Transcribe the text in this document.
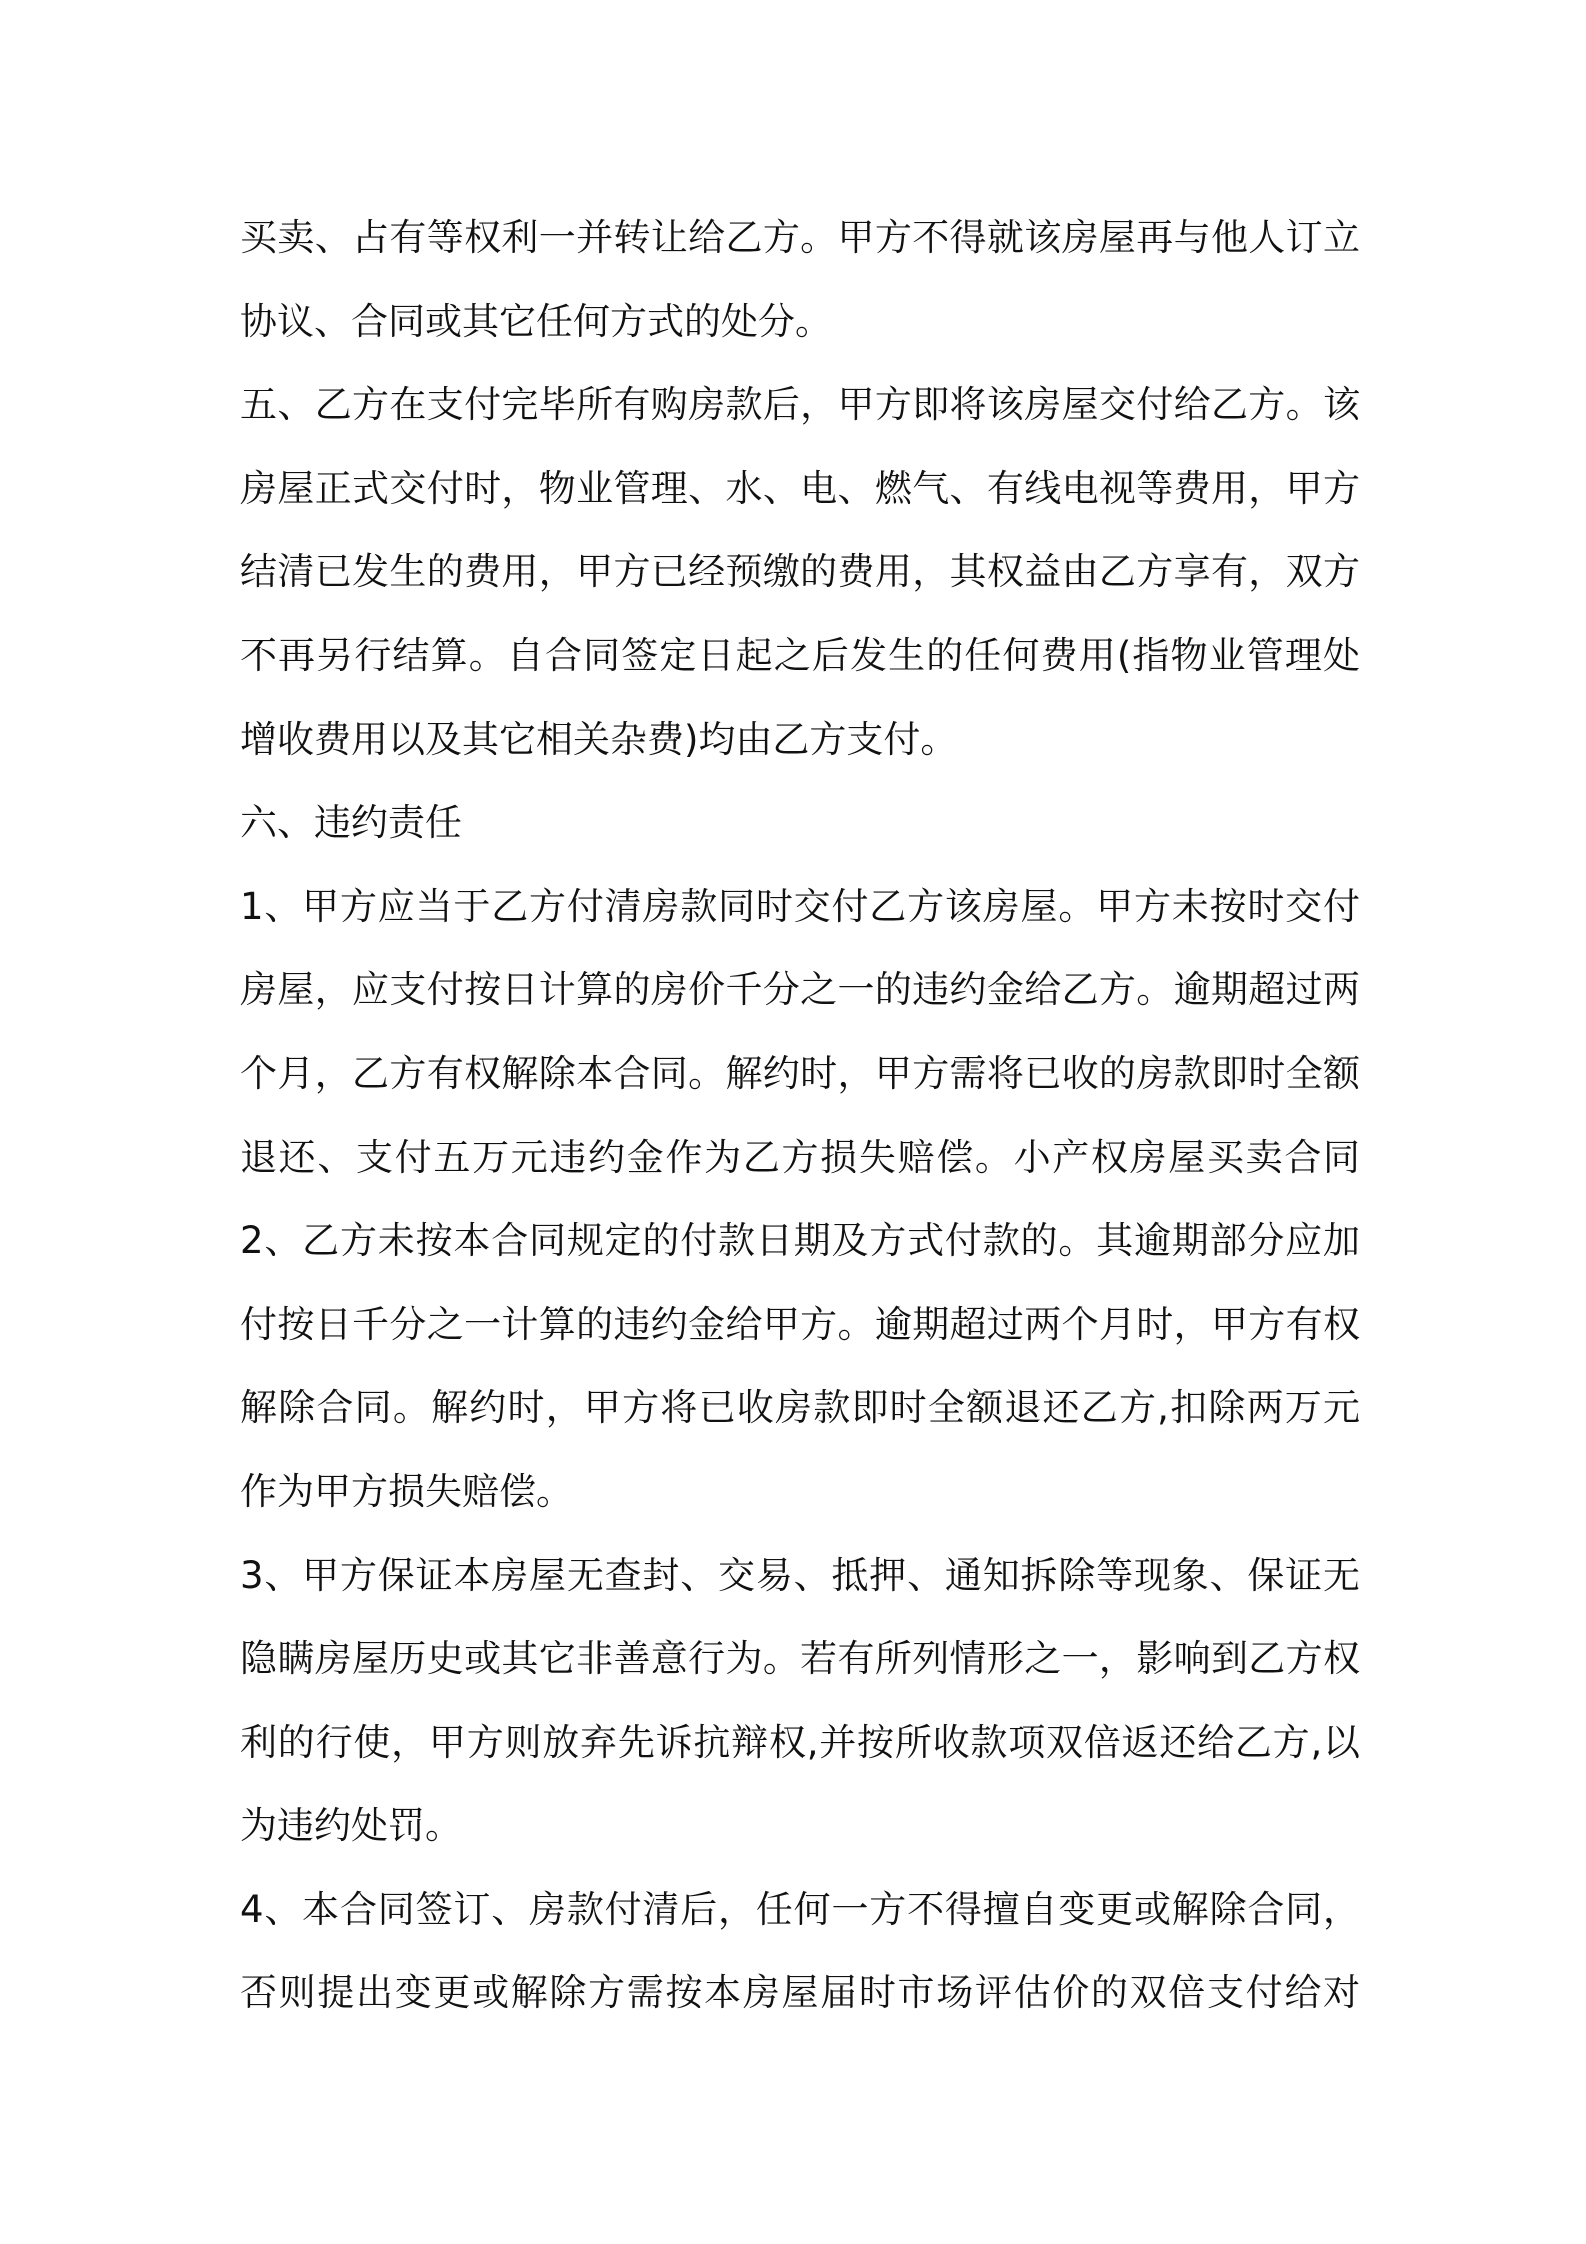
买卖、占有等权利一并转让给乙方。甲方不得就该房屋再与他人订立
协议、合同或其它任何方式的处分。
五、乙方在支付完毕所有购房款后，甲方即将该房屋交付给乙方。该
房屋正式交付时，物业管理、水、电、燃气、有线电视等费用，甲方
结清已发生的费用，甲方已经预缴的费用，其权益由乙方享有，双方
不再另行结算。自合同签定日起之后发生的任何费用(指物业管理处
增收费用以及其它相关杂费)均由乙方支付。
六、违约责任
1、甲方应当于乙方付清房款同时交付乙方该房屋。甲方未按时交付
房屋，应支付按日计算的房价千分之一的违约金给乙方。逾期超过两
个月，乙方有权解除本合同。解约时，甲方需将已收的房款即时全额
退还、支付五万元违约金作为乙方损失赔偿。小产权房屋买卖合同
2、乙方未按本合同规定的付款日期及方式付款的。其逾期部分应加
付按日千分之一计算的违约金给甲方。逾期超过两个月时，甲方有权
解除合同。解约时，甲方将已收房款即时全额退还乙方,扣除两万元
作为甲方损失赔偿。
3、甲方保证本房屋无查封、交易、抵押、通知拆除等现象、保证无
隐瞒房屋历史或其它非善意行为。若有所列情形之一，影响到乙方权
利的行使，甲方则放弃先诉抗辩权,并按所收款项双倍返还给乙方,以
为违约处罚。
4、本合同签订、房款付清后，任何一方不得擅自变更或解除合同，
否则提出变更或解除方需按本房屋届时市场评估价的双倍支付给对
